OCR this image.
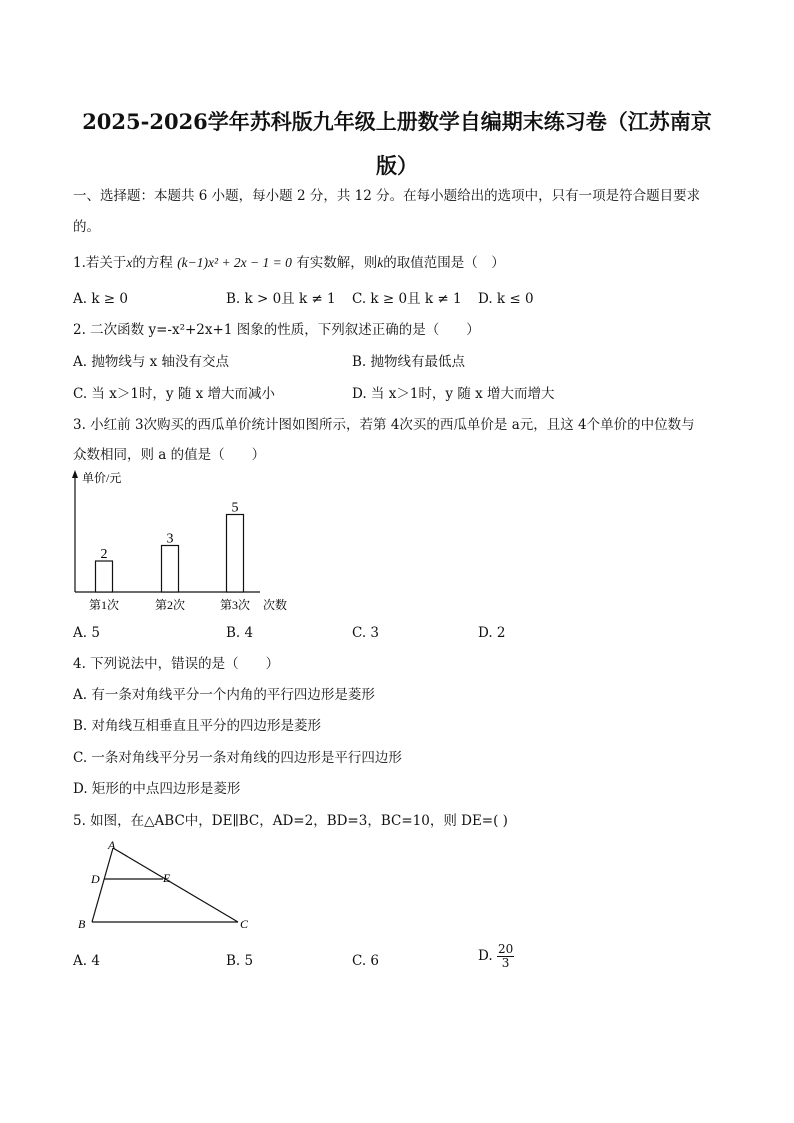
2025-2026学年苏科版九年级上册数学自编期末练习卷（江苏南京
版）
一、选择题：本题共 6 小题，每小题 2 分，共 12 分。在每小题给出的选项中，只有一项是符合题目要求
的。
1.若关于x的方程 (k−1)x² + 2x − 1 = 0 有实数解，则k的取值范围是（　）
A. k ≥ 0	B. k > 0且 k ≠ 1 C. k ≥ 0且 k ≠ 1 D. k ≤ 0
2. 二次函数 y=-x²+2x+1 图象的性质，下列叙述正确的是（　　）
A. 抛物线与 x 轴没有交点	B. 抛物线有最低点
C. 当 x＞1时，y 随 x 增大而减小	D. 当 x＞1时，y 随 x 增大而增大
3. 小红前 3次购买的西瓜单价统计图如图所示，若第 4次买的西瓜单价是 a元，且这 4个单价的中位数与
众数相同，则 a 的值是（　　）
单价/元
次数
2
第1次
3
第2次
5
第3次
A. 5	B. 4	C. 3	D. 2
4. 下列说法中，错误的是（　　）
A. 有一条对角线平分一个内角的平行四边形是菱形
B. 对角线互相垂直且平分的四边形是菱形
C. 一条对角线平分另一条对角线的四边形是平行四边形
D. 矩形的中点四边形是菱形
5. 如图，在△ABC中，DE∥BC，AD=2，BD=3，BC=10，则 DE=( )
A
D	E
B	C
A. 4	B. 5	C. 6	D. $\frac{20}{3}$
